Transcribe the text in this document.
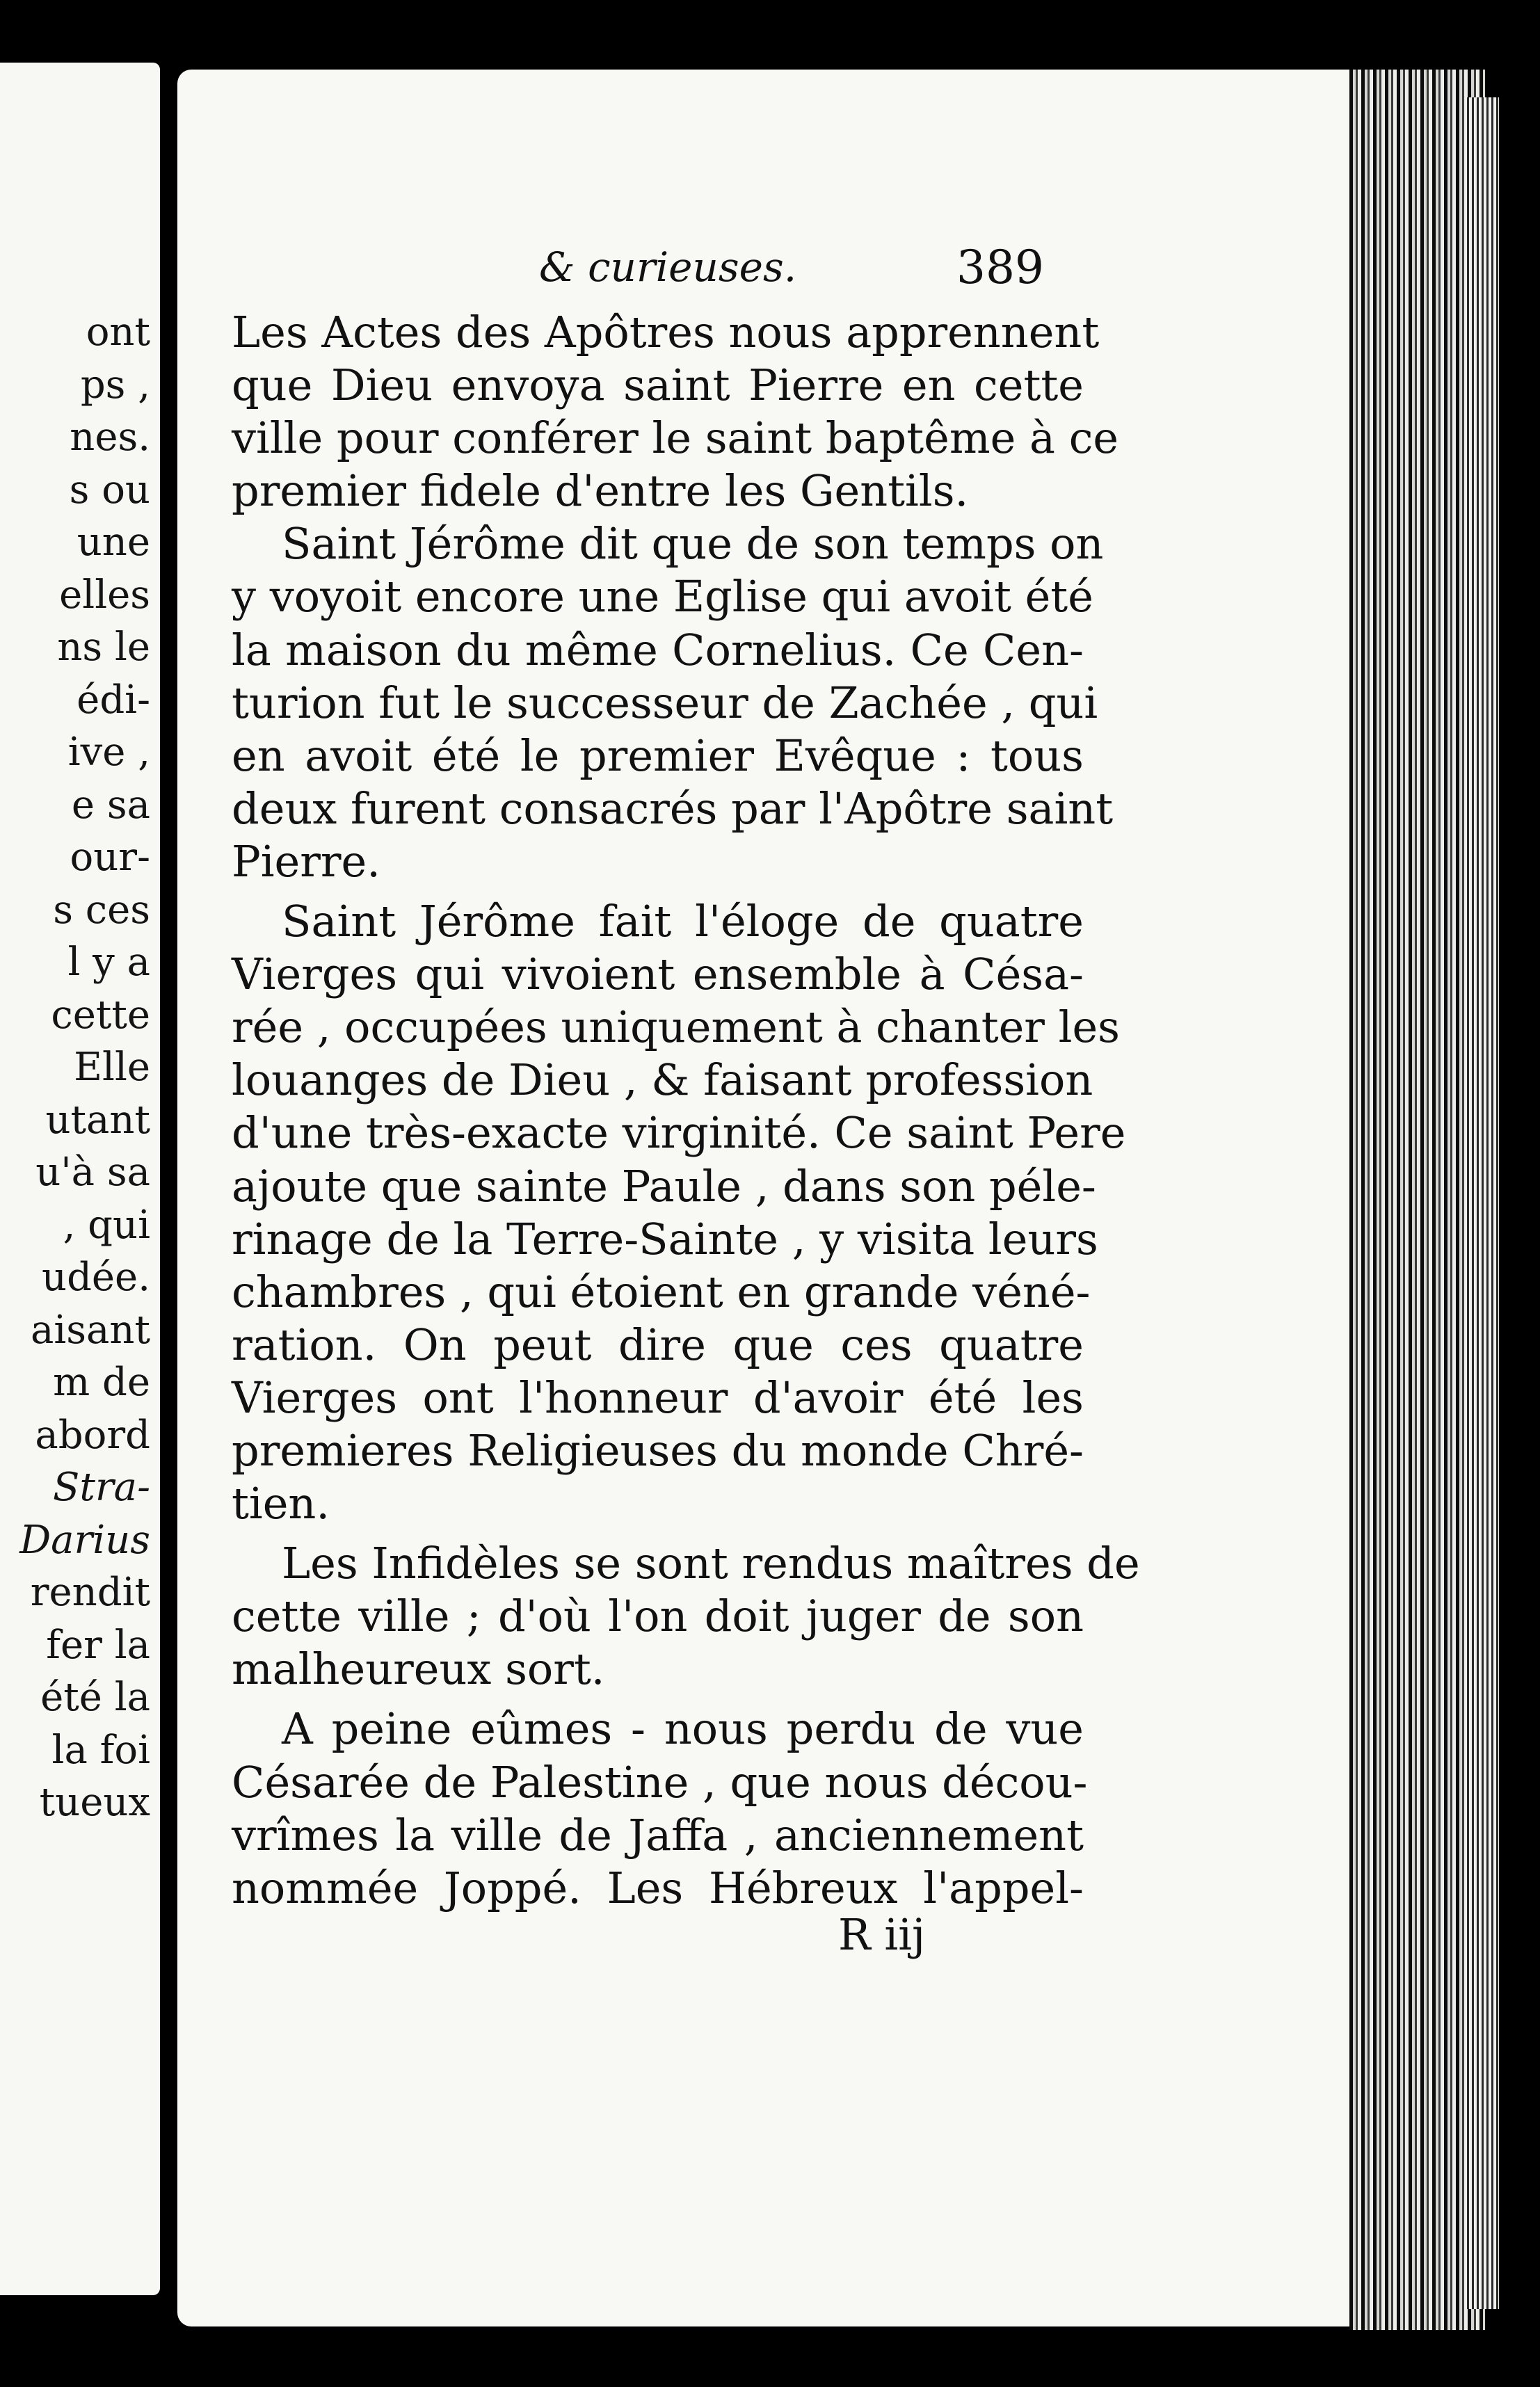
ont
ps ,
nes.
s ou
une
elles
ns le
édi-
ive ,
e sa
our-
s ces
l y a
cette
Elle
utant
u'à sa
, qui
udée.
aisant
m de
abord
Stra-
Darius
rendit
fer la
été la
la foi
tueux
& curieuses.	389
Les Actes des Apôtres nous apprennent
que Dieu envoya saint Pierre en cette
ville pour conférer le saint baptême à ce
premier fidele d'entre les Gentils.
Saint Jérôme dit que de son temps on
y voyoit encore une Eglise qui avoit été
la maison du même Cornelius. Ce Cen-
turion fut le successeur de Zachée , qui
en avoit été le premier Evêque : tous
deux furent consacrés par l'Apôtre saint
Pierre.
Saint Jérôme fait l'éloge de quatre
Vierges qui vivoient ensemble à Césa-
rée , occupées uniquement à chanter les
louanges de Dieu , & faisant profession
d'une très-exacte virginité. Ce saint Pere
ajoute que sainte Paule , dans son péle-
rinage de la Terre-Sainte , y visita leurs
chambres , qui étoient en grande véné-
ration. On peut dire que ces quatre
Vierges ont l'honneur d'avoir été les
premieres Religieuses du monde Chré-
tien.
Les Infidèles se sont rendus maîtres de
cette ville ; d'où l'on doit juger de son
malheureux sort.
A peine eûmes - nous perdu de vue
Césarée de Palestine , que nous décou-
vrîmes la ville de Jaffa , anciennement
nommée Joppé. Les Hébreux l'appel-
R iij
